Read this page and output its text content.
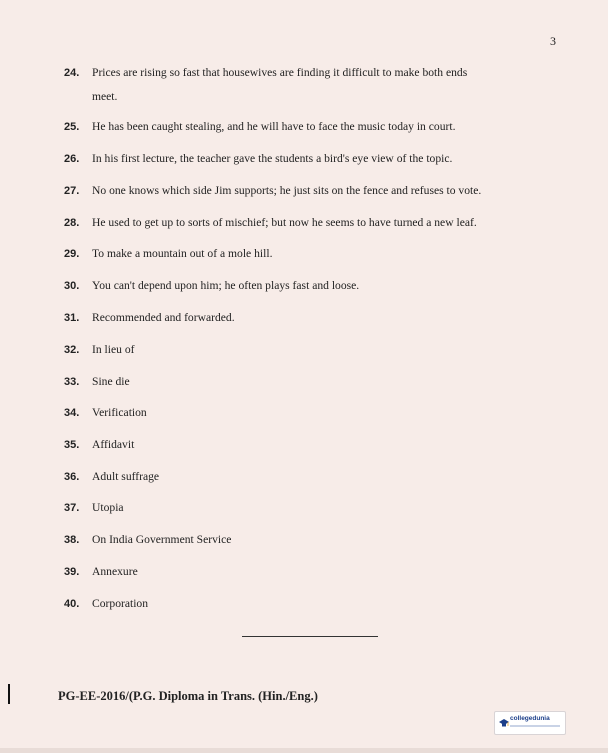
3
24. Prices are rising so fast that housewives are finding it difficult to make both ends
meet.
25. He has been caught stealing, and he will have to face the music today in court.
26. In his first lecture, the teacher gave the students a bird's eye view of the topic.
27. No one knows which side Jim supports; he just sits on the fence and refuses to vote.
28. He used to get up to sorts of mischief; but now he seems to have turned a new leaf.
29. To make a mountain out of a mole hill.
30. You can't depend upon him; he often plays fast and loose.
31. Recommended and forwarded.
32. In lieu of
33. Sine die
34. Verification
35. Affidavit
36. Adult suffrage
37. Utopia
38. On India Government Service
39. Annexure
40. Corporation
PG-EE-2016/(P.G. Diploma in Trans. (Hin./Eng.)
collegedunia
